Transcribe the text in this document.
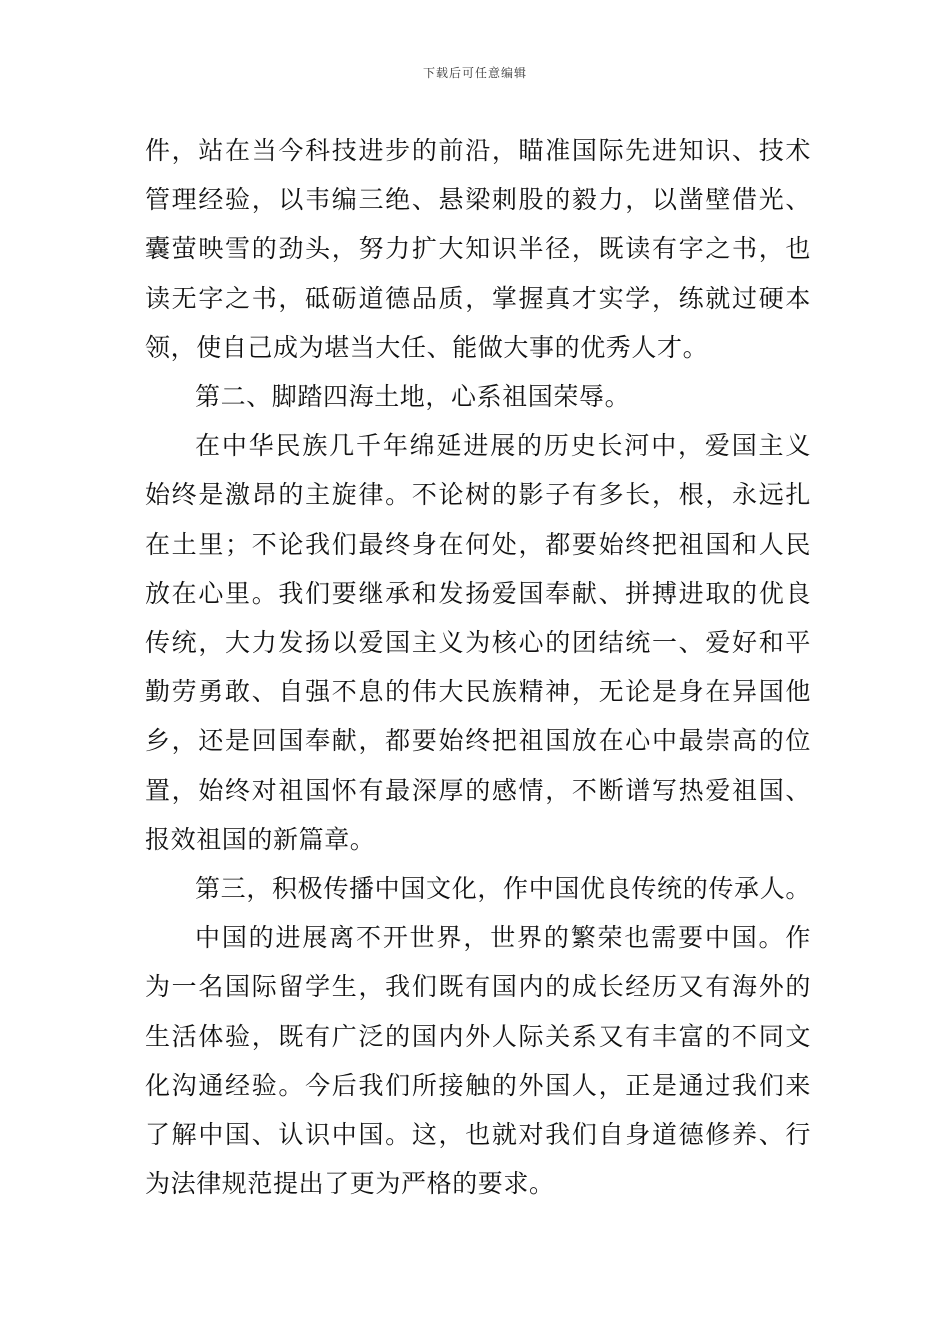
下载后可任意编辑
件，站在当今科技进步的前沿，瞄准国际先进知识、技术
管理经验，以韦编三绝、悬梁刺股的毅力，以凿壁借光、
囊萤映雪的劲头，努力扩大知识半径，既读有字之书，也
读无字之书，砥砺道德品质，掌握真才实学，练就过硬本
领，使自己成为堪当大任、能做大事的优秀人才。
第二、脚踏四海土地，心系祖国荣辱。
在中华民族几千年绵延进展的历史长河中，爱国主义
始终是激昂的主旋律。不论树的影子有多长，根，永远扎
在土里；不论我们最终身在何处，都要始终把祖国和人民
放在心里。我们要继承和发扬爱国奉献、拼搏进取的优良
传统，大力发扬以爱国主义为核心的团结统一、爱好和平
勤劳勇敢、自强不息的伟大民族精神，无论是身在异国他
乡，还是回国奉献，都要始终把祖国放在心中最崇高的位
置，始终对祖国怀有最深厚的感情，不断谱写热爱祖国、
报效祖国的新篇章。
第三，积极传播中国文化，作中国优良传统的传承人。
中国的进展离不开世界，世界的繁荣也需要中国。作
为一名国际留学生，我们既有国内的成长经历又有海外的
生活体验，既有广泛的国内外人际关系又有丰富的不同文
化沟通经验。今后我们所接触的外国人，正是通过我们来
了解中国、认识中国。这，也就对我们自身道德修养、行
为法律规范提出了更为严格的要求。
